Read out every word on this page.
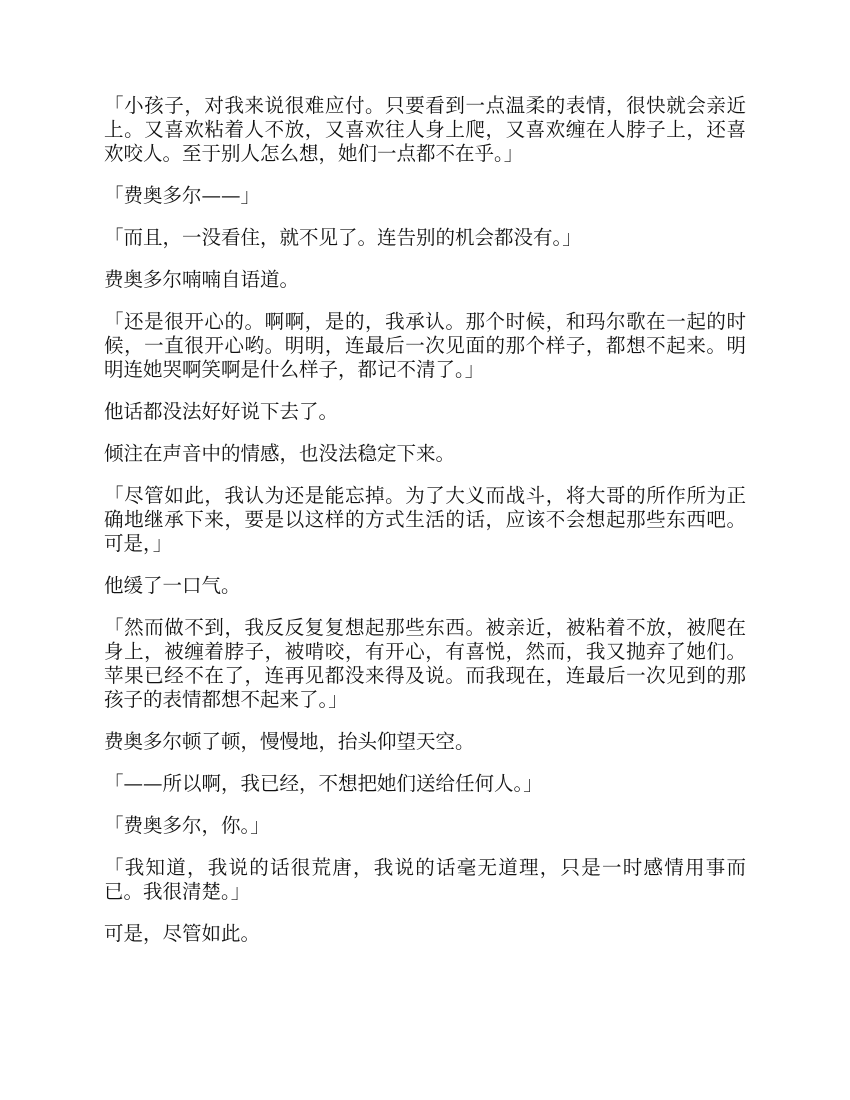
「小孩子，对我来说很难应付。只要看到一点温柔的表情，很快就会亲近上。又喜欢粘着人不放，又喜欢往人身上爬，又喜欢缠在人脖子上，还喜欢咬人。至于别人怎么想，她们一点都不在乎。」

「费奥多尔——」

「而且，一没看住，就不见了。连告别的机会都没有。」

费奥多尔喃喃自语道。

「还是很开心的。啊啊，是的，我承认。那个时候，和玛尔歌在一起的时候，一直很开心哟。明明，连最后一次见面的那个样子，都想不起来。明明连她哭啊笑啊是什么样子，都记不清了。」

他话都没法好好说下去了。

倾注在声音中的情感，也没法稳定下来。

「尽管如此，我认为还是能忘掉。为了大义而战斗，将大哥的所作所为正确地继承下来，要是以这样的方式生活的话，应该不会想起那些东西吧。可是，」

他缓了一口气。

「然而做不到，我反反复复想起那些东西。被亲近，被粘着不放，被爬在身上，被缠着脖子，被啃咬，有开心，有喜悦，然而，我又抛弃了她们。苹果已经不在了，连再见都没来得及说。而我现在，连最后一次见到的那孩子的表情都想不起来了。」

费奥多尔顿了顿，慢慢地，抬头仰望天空。

「——所以啊，我已经，不想把她们送给任何人。」

「费奥多尔，你。」

「我知道，我说的话很荒唐，我说的话毫无道理，只是一时感情用事而已。我很清楚。」

可是，尽管如此。
